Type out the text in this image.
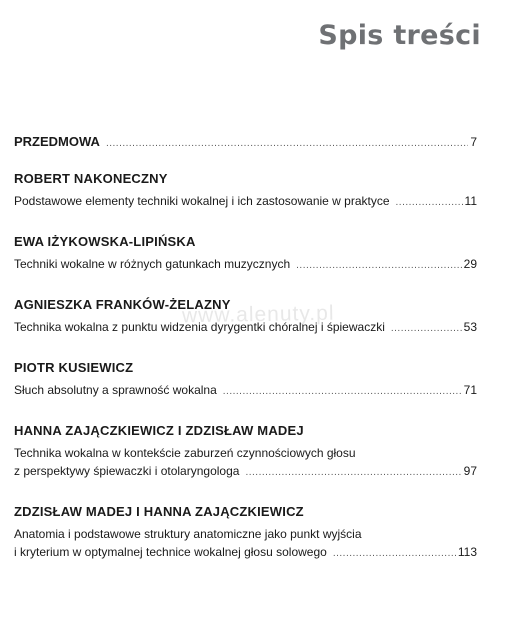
Spis treści
www.alenuty.pl
PRZEDMOWA .....	7
ROBERT NAKONECZNY
Podstawowe elementy techniki wokalnej i ich zastosowanie w praktyce .....	11
EWA IŻYKOWSKA-LIPIŃSKA
Techniki wokalne w różnych gatunkach muzycznych .....	29
AGNIESZKA FRANKÓW-ŻELAZNY
Technika wokalna z punktu widzenia dyrygentki chóralnej i śpiewaczki .....	53
PIOTR KUSIEWICZ
Słuch absolutny a sprawność wokalna .....	71
HANNA ZAJĄCZKIEWICZ I ZDZISŁAW MADEJ
Technika wokalna w kontekście zaburzeń czynnościowych głosu
z perspektywy śpiewaczki i otolaryngologa .....	97
ZDZISŁAW MADEJ I HANNA ZAJĄCZKIEWICZ
Anatomia i podstawowe struktury anatomiczne jako punkt wyjścia
i kryterium w optymalnej technice wokalnej głosu solowego .....	113
